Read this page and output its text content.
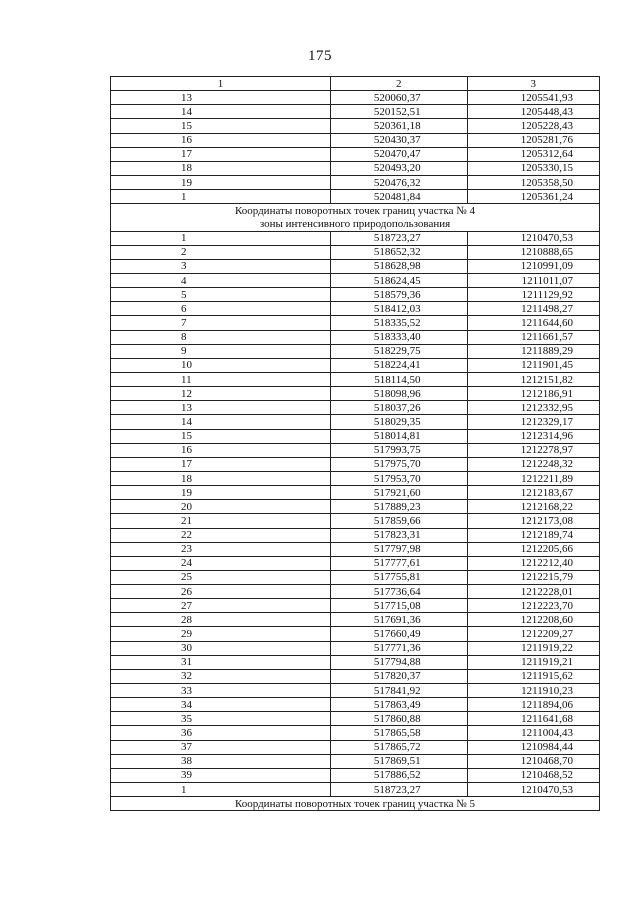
175
1	2	3
13	520060,37	1205541,93
14	520152,51	1205448,43
15	520361,18	1205228,43
16	520430,37	1205281,76
17	520470,47	1205312,64
18	520493,20	1205330,15
19	520476,32	1205358,50
1	520481,84	1205361,24
Координаты поворотных точек границ участка № 4		
зоны интенсивного природопользования		
1	518723,27	1210470,53
2	518652,32	1210888,65
3	518628,98	1210991,09
4	518624,45	1211011,07
5	518579,36	1211129,92
6	518412,03	1211498,27
7	518335,52	1211644,60
8	518333,40	1211661,57
9	518229,75	1211889,29
10	518224,41	1211901,45
11	518114,50	1212151,82
12	518098,96	1212186,91
13	518037,26	1212332,95
14	518029,35	1212329,17
15	518014,81	1212314,96
16	517993,75	1212278,97
17	517975,70	1212248,32
18	517953,70	1212211,89
19	517921,60	1212183,67
20	517889,23	1212168,22
21	517859,66	1212173,08
22	517823,31	1212189,74
23	517797,98	1212205,66
24	517777,61	1212212,40
25	517755,81	1212215,79
26	517736,64	1212228,01
27	517715,08	1212223,70
28	517691,36	1212208,60
29	517660,49	1212209,27
30	517771,36	1211919,22
31	517794,88	1211919,21
32	517820,37	1211915,62
33	517841,92	1211910,23
34	517863,49	1211894,06
35	517860,88	1211641,68
36	517865,58	1211004,43
37	517865,72	1210984,44
38	517869,51	1210468,70
39	517886,52	1210468,52
1	518723,27	1210470,53
Координаты поворотных точек границ участка № 5		
